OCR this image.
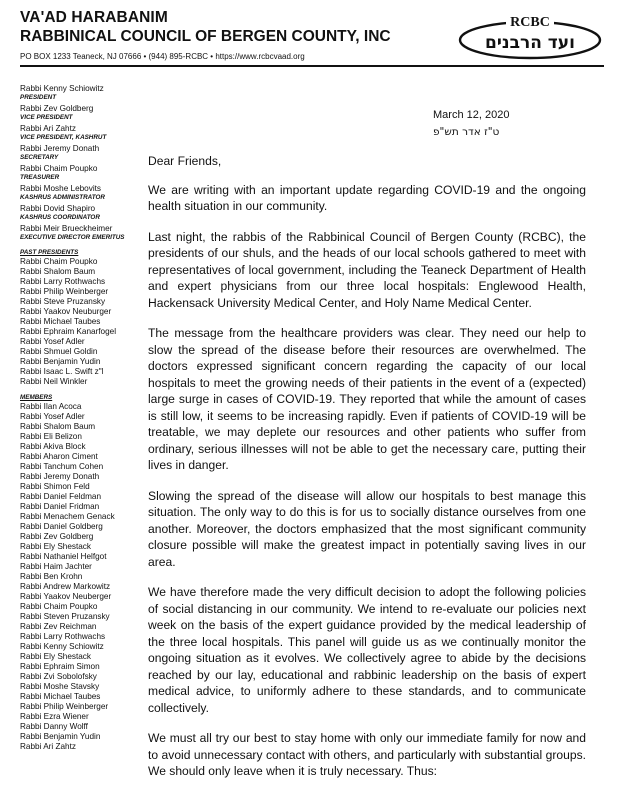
VA'AD HARABANIM
RABBINICAL COUNCIL OF BERGEN COUNTY, INC
PO BOX 1233 Teaneck, NJ 07666 • (944) 895-RCBC • https://www.rcbcvaad.org
RCBC
ועד הרבנים
Rabbi Kenny Schiowitz
PRESIDENT
Rabbi Zev Goldberg
VICE PRESIDENT
Rabbi Ari Zahtz
VICE PRESIDENT, KASHRUT
Rabbi Jeremy Donath
SECRETARY
Rabbi Chaim Poupko
TREASURER
Rabbi Moshe Lebovits
KASHRUS ADMINISTRATOR
Rabbi Dovid Shapiro
KASHRUS COORDINATOR
Rabbi Meir Brueckheimer
EXECUTIVE DIRECTOR EMERITUS
PAST PRESIDENTS
Rabbi Chaim Poupko
Rabbi Shalom Baum
Rabbi Larry Rothwachs
Rabbi Philip Weinberger
Rabbi Steve Pruzansky
Rabbi Yaakov Neuburger
Rabbi Michael Taubes
Rabbi Ephraim Kanarfogel
Rabbi Yosef Adler
Rabbi Shmuel Goldin
Rabbi Benjamin Yudin
Rabbi Isaac L. Swift z"l
Rabbi Neil Winkler
MEMBERS
Rabbi Ilan Acoca
Rabbi Yosef Adler
Rabbi Shalom Baum
Rabbi Eli Belizon
Rabbi Akiva Block
Rabbi Aharon Ciment
Rabbi Tanchum Cohen
Rabbi Jeremy Donath
Rabbi Shimon Feld
Rabbi Daniel Feldman
Rabbi Daniel Fridman
Rabbi Menachem Genack
Rabbi Daniel Goldberg
Rabbi Zev Goldberg
Rabbi Ely Shestack
Rabbi Nathaniel Helfgot
Rabbi Haim Jachter
Rabbi Ben Krohn
Rabbi Andrew Markowitz
Rabbi Yaakov Neuberger
Rabbi Chaim Poupko
Rabbi Steven Pruzansky
Rabbi Zev Reichman
Rabbi Larry Rothwachs
Rabbi Kenny Schiowitz
Rabbi Ely Shestack
Rabbi Ephraim Simon
Rabbi Zvi Sobolofsky
Rabbi Moshe Stavsky
Rabbi Michael Taubes
Rabbi Philip Weinberger
Rabbi Ezra Wiener
Rabbi Danny Wolff
Rabbi Benjamin Yudin
Rabbi Ari Zahtz
March 12, 2020
ט"ז אדר תש"פ

Dear Friends,

We are writing with an important update regarding COVID-19 and the ongoing health situation in our community.

Last night, the rabbis of the Rabbinical Council of Bergen County (RCBC), the presidents of our shuls, and the heads of our local schools gathered to meet with representatives of local government, including the Teaneck Department of Health and expert physicians from our three local hospitals: Englewood Health, Hackensack University Medical Center, and Holy Name Medical Center.

The message from the healthcare providers was clear. They need our help to slow the spread of the disease before their resources are overwhelmed. The doctors expressed significant concern regarding the capacity of our local hospitals to meet the growing needs of their patients in the event of a (expected) large surge in cases of COVID-19. They reported that while the amount of cases is still low, it seems to be increasing rapidly. Even if patients of COVID-19 will be treatable, we may deplete our resources and other patients who suffer from ordinary, serious illnesses will not be able to get the necessary care, putting their lives in danger.

Slowing the spread of the disease will allow our hospitals to best manage this situation. The only way to do this is for us to socially distance ourselves from one another. Moreover, the doctors emphasized that the most significant community closure possible will make the greatest impact in potentially saving lives in our area.

We have therefore made the very difficult decision to adopt the following policies of social distancing in our community. We intend to re-evaluate our policies next week on the basis of the expert guidance provided by the medical leadership of the three local hospitals. This panel will guide us as we continually monitor the ongoing situation as it evolves. We collectively agree to abide by the decisions reached by our lay, educational and rabbinic leadership on the basis of expert medical advice, to uniformly adhere to these standards, and to communicate collectively.

We must all try our best to stay home with only our immediate family for now and to avoid unnecessary contact with others, and particularly with substantial groups. We should only leave when it is truly necessary. Thus:
